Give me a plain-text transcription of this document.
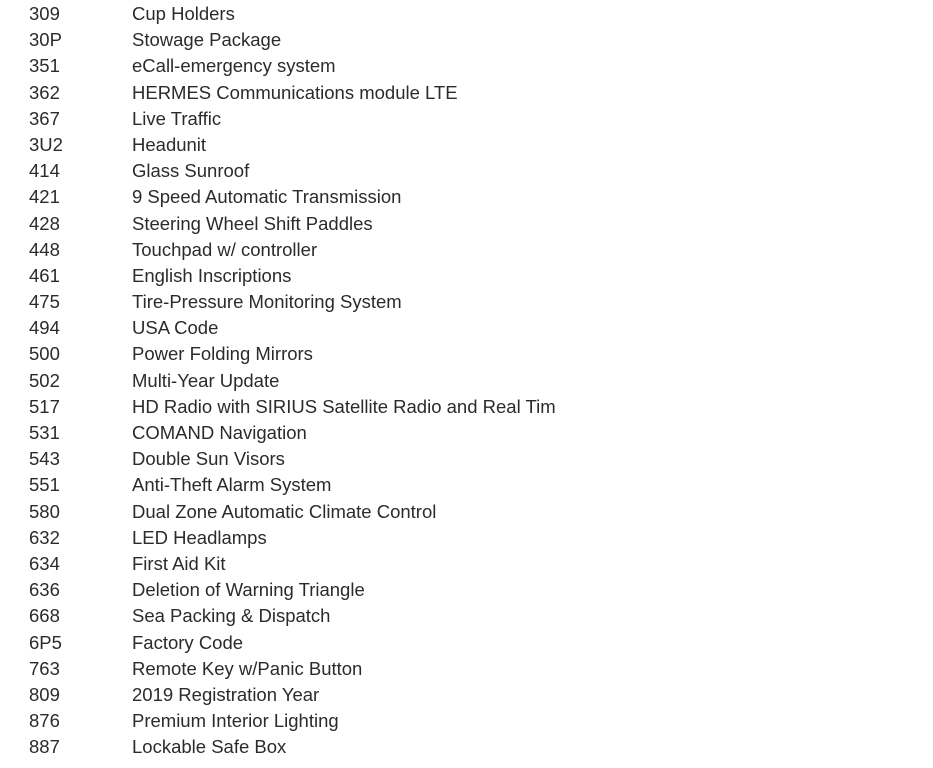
309	Cup Holders
30P	Stowage Package
351	eCall-emergency system
362	HERMES Communications module LTE
367	Live Traffic
3U2	Headunit
414	Glass Sunroof
421	9 Speed Automatic Transmission
428	Steering Wheel Shift Paddles
448	Touchpad w/ controller
461	English Inscriptions
475	Tire-Pressure Monitoring System
494	USA Code
500	Power Folding Mirrors
502	Multi-Year Update
517	HD Radio with SIRIUS Satellite Radio and Real Tim
531	COMAND Navigation
543	Double Sun Visors
551	Anti-Theft Alarm System
580	Dual Zone Automatic Climate Control
632	LED Headlamps
634	First Aid Kit
636	Deletion of Warning Triangle
668	Sea Packing & Dispatch
6P5	Factory Code
763	Remote Key w/Panic Button
809	2019 Registration Year
876	Premium Interior Lighting
887	Lockable Safe Box
